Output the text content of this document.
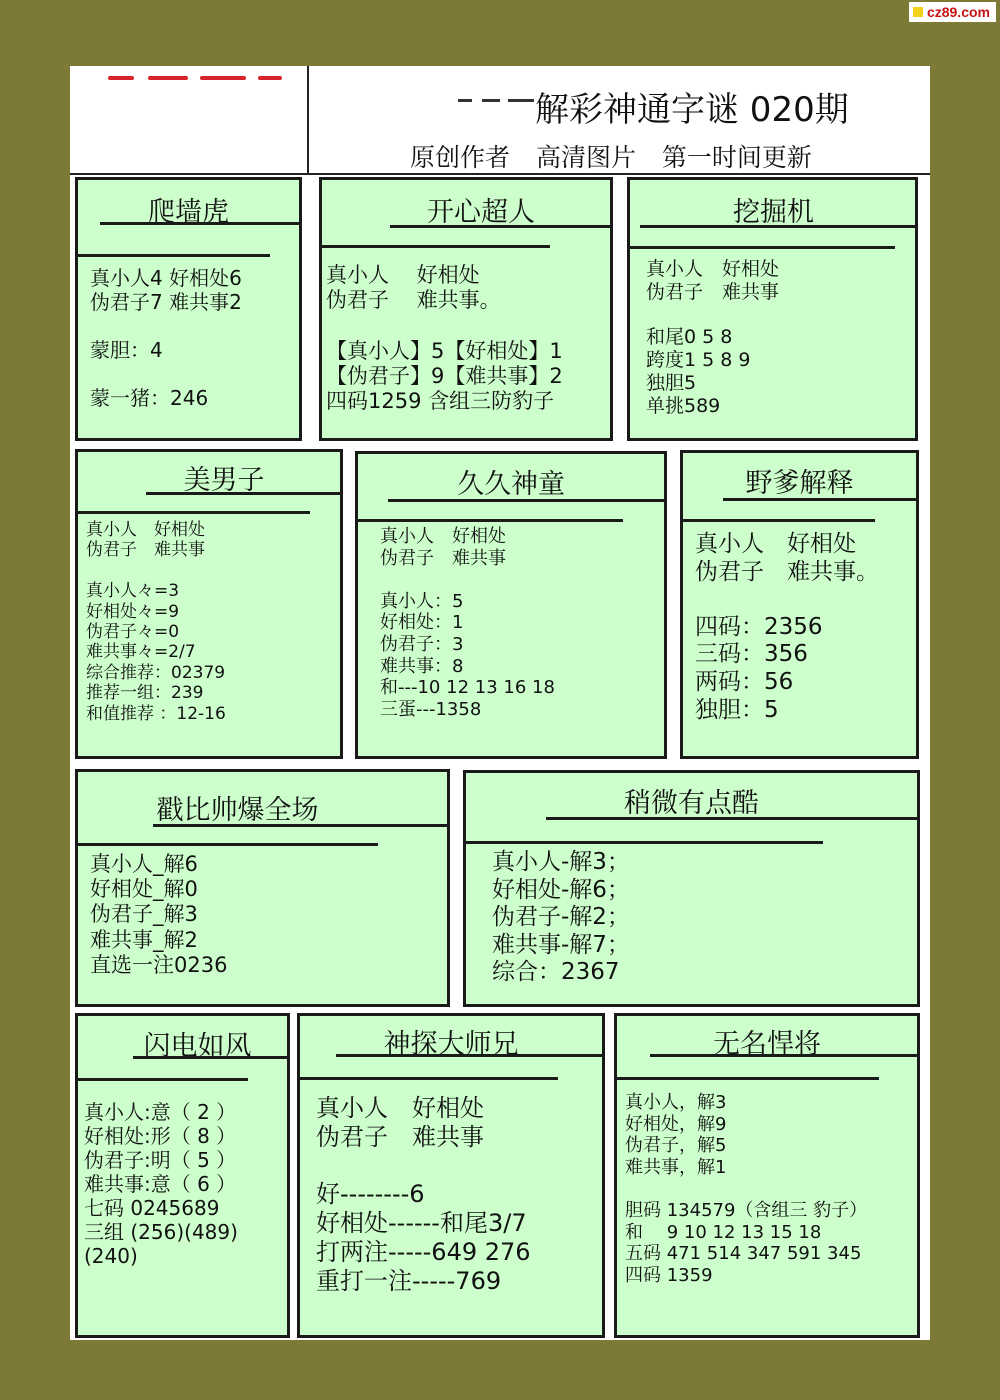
cz89.com
解彩神通字谜 020期
原创作者 高清图片 第一时间更新
爬墙虎
真小人4 好相处6
伪君子7 难共事2
蒙胆：4
蒙一猪：246
开心超人
真小人　 好相处
伪君子　 难共事。
【真小人】5【好相处】1
【伪君子】9【难共事】2
四码1259 含组三防豹子
挖掘机
真小人　好相处
伪君子　难共事
和尾0 5 8
跨度1 5 8 9
独胆5
单挑589
美男子
真小人　好相处
伪君子　难共事
真小人々=3
好相处々=9
伪君子々=0
难共事々=2/7
综合推荐：02379
推荐一组：239
和值推荐 ：12-16
久久神童
真小人　好相处
伪君子　难共事
真小人：5
好相处：1
伪君子：3
难共事：8
和---10 12 13 16 18
三蛋---1358
野爹解释
真小人　好相处
伪君子　难共事。
四码：2356
三码：356
两码：56
独胆：5
戳比帅爆全场
真小人_解6
好相处_解0
伪君子_解3
难共事_解2
直选一注0236
稍微有点酷
真小人-解3；
好相处-解6；
伪君子-解2；
难共事-解7；
综合：2367
闪电如风
真小人:意（ 2 ）
好相处:形（ 8 ）
伪君子:明（ 5 ）
难共事:意（ 6 ）
七码 0245689
三组 (256)(489)
(240)
神探大师兄
真小人　好相处
伪君子　难共事
好--------6
好相处------和尾3/7
打两注-----649 276
重打一注-----769
无名悍将
真小人，解3
好相处，解9
伪君子，解5
难共事，解1
胆码 134579（含组三 豹子）
和　 9 10 12 13 15 18
五码 471 514 347 591 345
四码 1359
